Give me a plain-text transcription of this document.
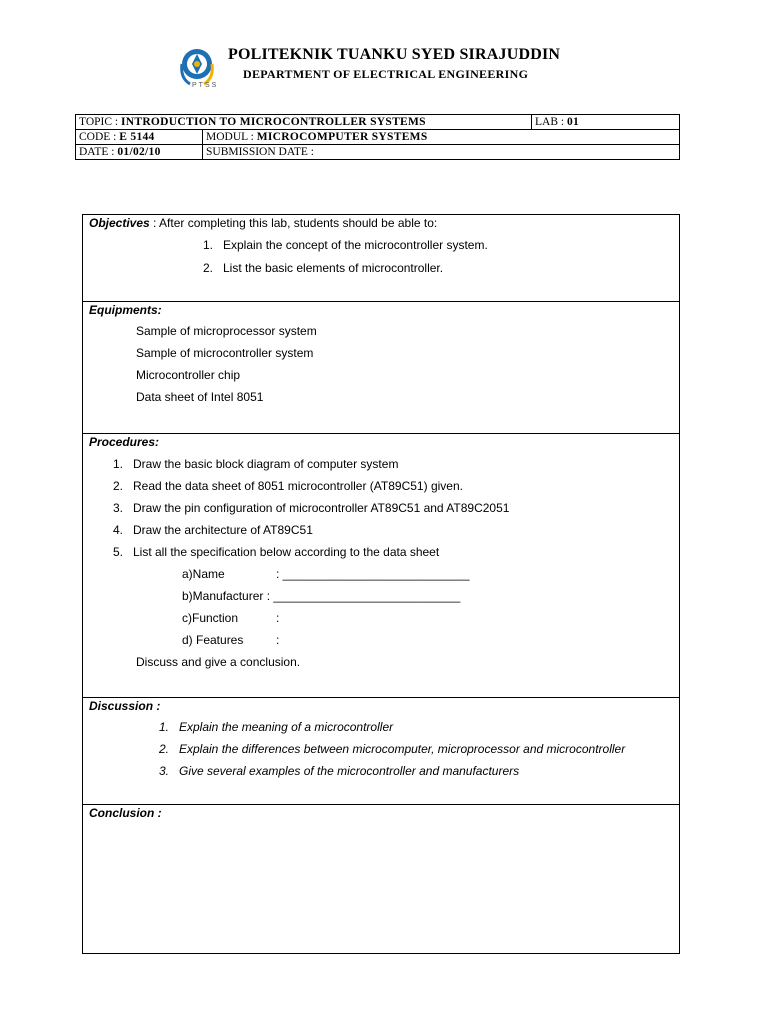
PTSS
POLITEKNIK TUANKU SYED SIRAJUDDIN
DEPARTMENT OF ELECTRICAL ENGINEERING
TOPIC : INTRODUCTION TO MICROCONTROLLER SYSTEMS		LAB : 01
CODE : E 5144	MODUL : MICROCOMPUTER SYSTEMS	
DATE : 01/02/10	SUBMISSION DATE :	
Objectives : After completing this lab, students should be able to:
1. Explain the concept of the microcontroller system.
2. List the basic elements of microcontroller.
Equipments:
Sample of microprocessor system
Sample of microcontroller system
Microcontroller chip
Data sheet of Intel 8051
Procedures:
1. Draw the basic block diagram of computer system
2. Read the data sheet of 8051 microcontroller (AT89C51) given.
3. Draw the pin configuration of microcontroller AT89C51 and AT89C2051
4. Draw the architecture of AT89C51
5. List all the specification below according to the data sheet
a)Name	: ____________________________
b)Manufacturer : ____________________________
c)Function	:
d) Features	:
Discuss and give a conclusion.
Discussion :
1. Explain the meaning of a microcontroller
2. Explain the differences between microcomputer, microprocessor and microcontroller
3. Give several examples of the microcontroller and manufacturers
Conclusion :
